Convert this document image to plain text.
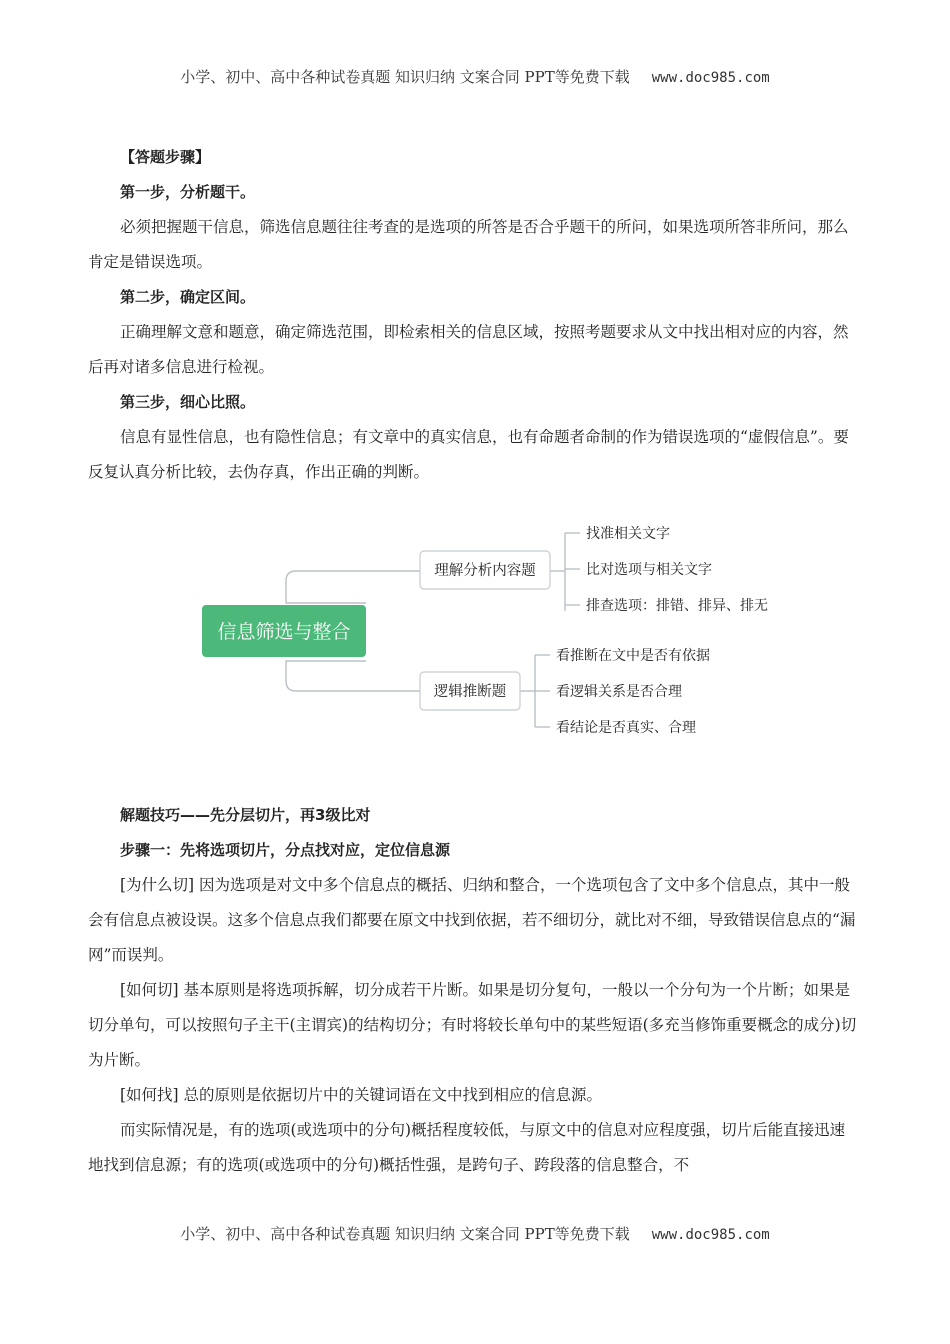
小学、初中、高中各种试卷真题 知识归纳 文案合同 PPT等免费下载 www.doc985.com

【答题步骤】

第一步，分析题干。

必须把握题干信息，筛选信息题往往考查的是选项的所答是否合乎题干的所问，如果选项所答非所问，那么肯定是错误选项。

第二步，确定区间。

正确理解文意和题意，确定筛选范围，即检索相关的信息区域，按照考题要求从文中找出相对应的内容，然后再对诸多信息进行检视。

第三步，细心比照。

信息有显性信息，也有隐性信息；有文章中的真实信息，也有命题者命制的作为错误选项的“虚假信息”。要反复认真分析比较，去伪存真，作出正确的判断。

信息筛选与整合
理解分析内容题
找准相关文字
比对选项与相关文字
排查选项：排错、排异、排无
逻辑推断题
看推断在文中是否有依据
看逻辑关系是否合理
看结论是否真实、合理

解题技巧——先分层切片，再3级比对

步骤一：先将选项切片，分点找对应，定位信息源

[为什么切] 因为选项是对文中多个信息点的概括、归纳和整合，一个选项包含了文中多个信息点，其中一般会有信息点被设误。这多个信息点我们都要在原文中找到依据，若不细切分，就比对不细，导致错误信息点的“漏网”而误判。

[如何切] 基本原则是将选项拆解，切分成若干片断。如果是切分复句，一般以一个分句为一个片断；如果是切分单句，可以按照句子主干(主谓宾)的结构切分；有时将较长单句中的某些短语(多充当修饰重要概念的成分)切为片断。

[如何找] 总的原则是依据切片中的关键词语在文中找到相应的信息源。

而实际情况是，有的选项(或选项中的分句)概括程度较低，与原文中的信息对应程度强，切片后能直接迅速地找到信息源；有的选项(或选项中的分句)概括性强，是跨句子、跨段落的信息整合，不

小学、初中、高中各种试卷真题 知识归纳 文案合同 PPT等免费下载 www.doc985.com
